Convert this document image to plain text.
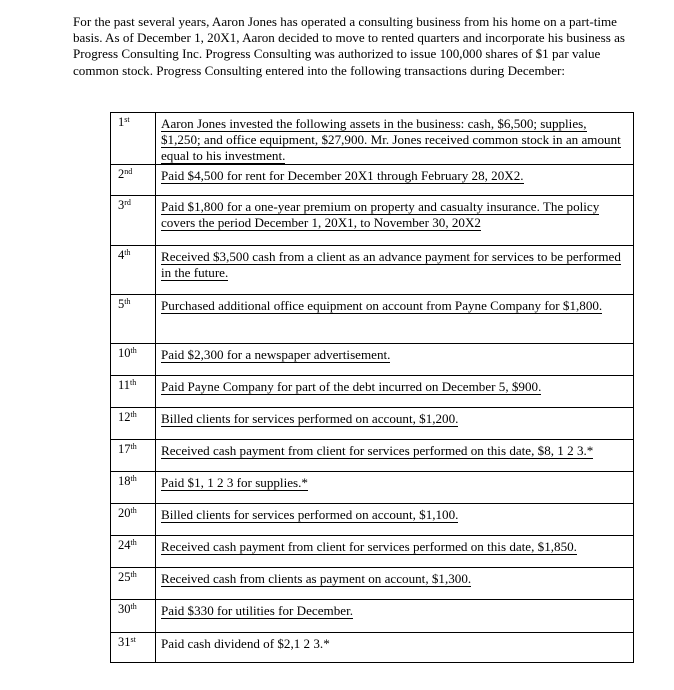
For the past several years, Aaron Jones has operated a consulting business from his home on a part-time basis. As of December 1, 20X1, Aaron decided to move to rented quarters and incorporate his business as Progress Consulting Inc. Progress Consulting was authorized to issue 100,000 shares of $1 par value common stock. Progress Consulting entered into the following transactions during December:

1st	Aaron Jones invested the following assets in the business: cash, $6,500; supplies, $1,250; and office equipment, $27,900. Mr. Jones received common stock in an amount equal to his investment.
2nd	Paid $4,500 for rent for December 20X1 through February 28, 20X2.
3rd	Paid $1,800 for a one-year premium on property and casualty insurance. The policy covers the period December 1, 20X1, to November 30, 20X2
4th	Received $3,500 cash from a client as an advance payment for services to be performed in the future.
5th	Purchased additional office equipment on account from Payne Company for $1,800.
10th	Paid $2,300 for a newspaper advertisement.
11th	Paid Payne Company for part of the debt incurred on December 5, $900.
12th	Billed clients for services performed on account, $1,200.
17th	Received cash payment from client for services performed on this date, $8, 1 2 3.*
18th	Paid $1, 1 2 3 for supplies.*
20th	Billed clients for services performed on account, $1,100.
24th	Received cash payment from client for services performed on this date, $1,850.
25th	Received cash from clients as payment on account, $1,300.
30th	Paid $330 for utilities for December.
31st	Paid cash dividend of $2,1 2 3.*
